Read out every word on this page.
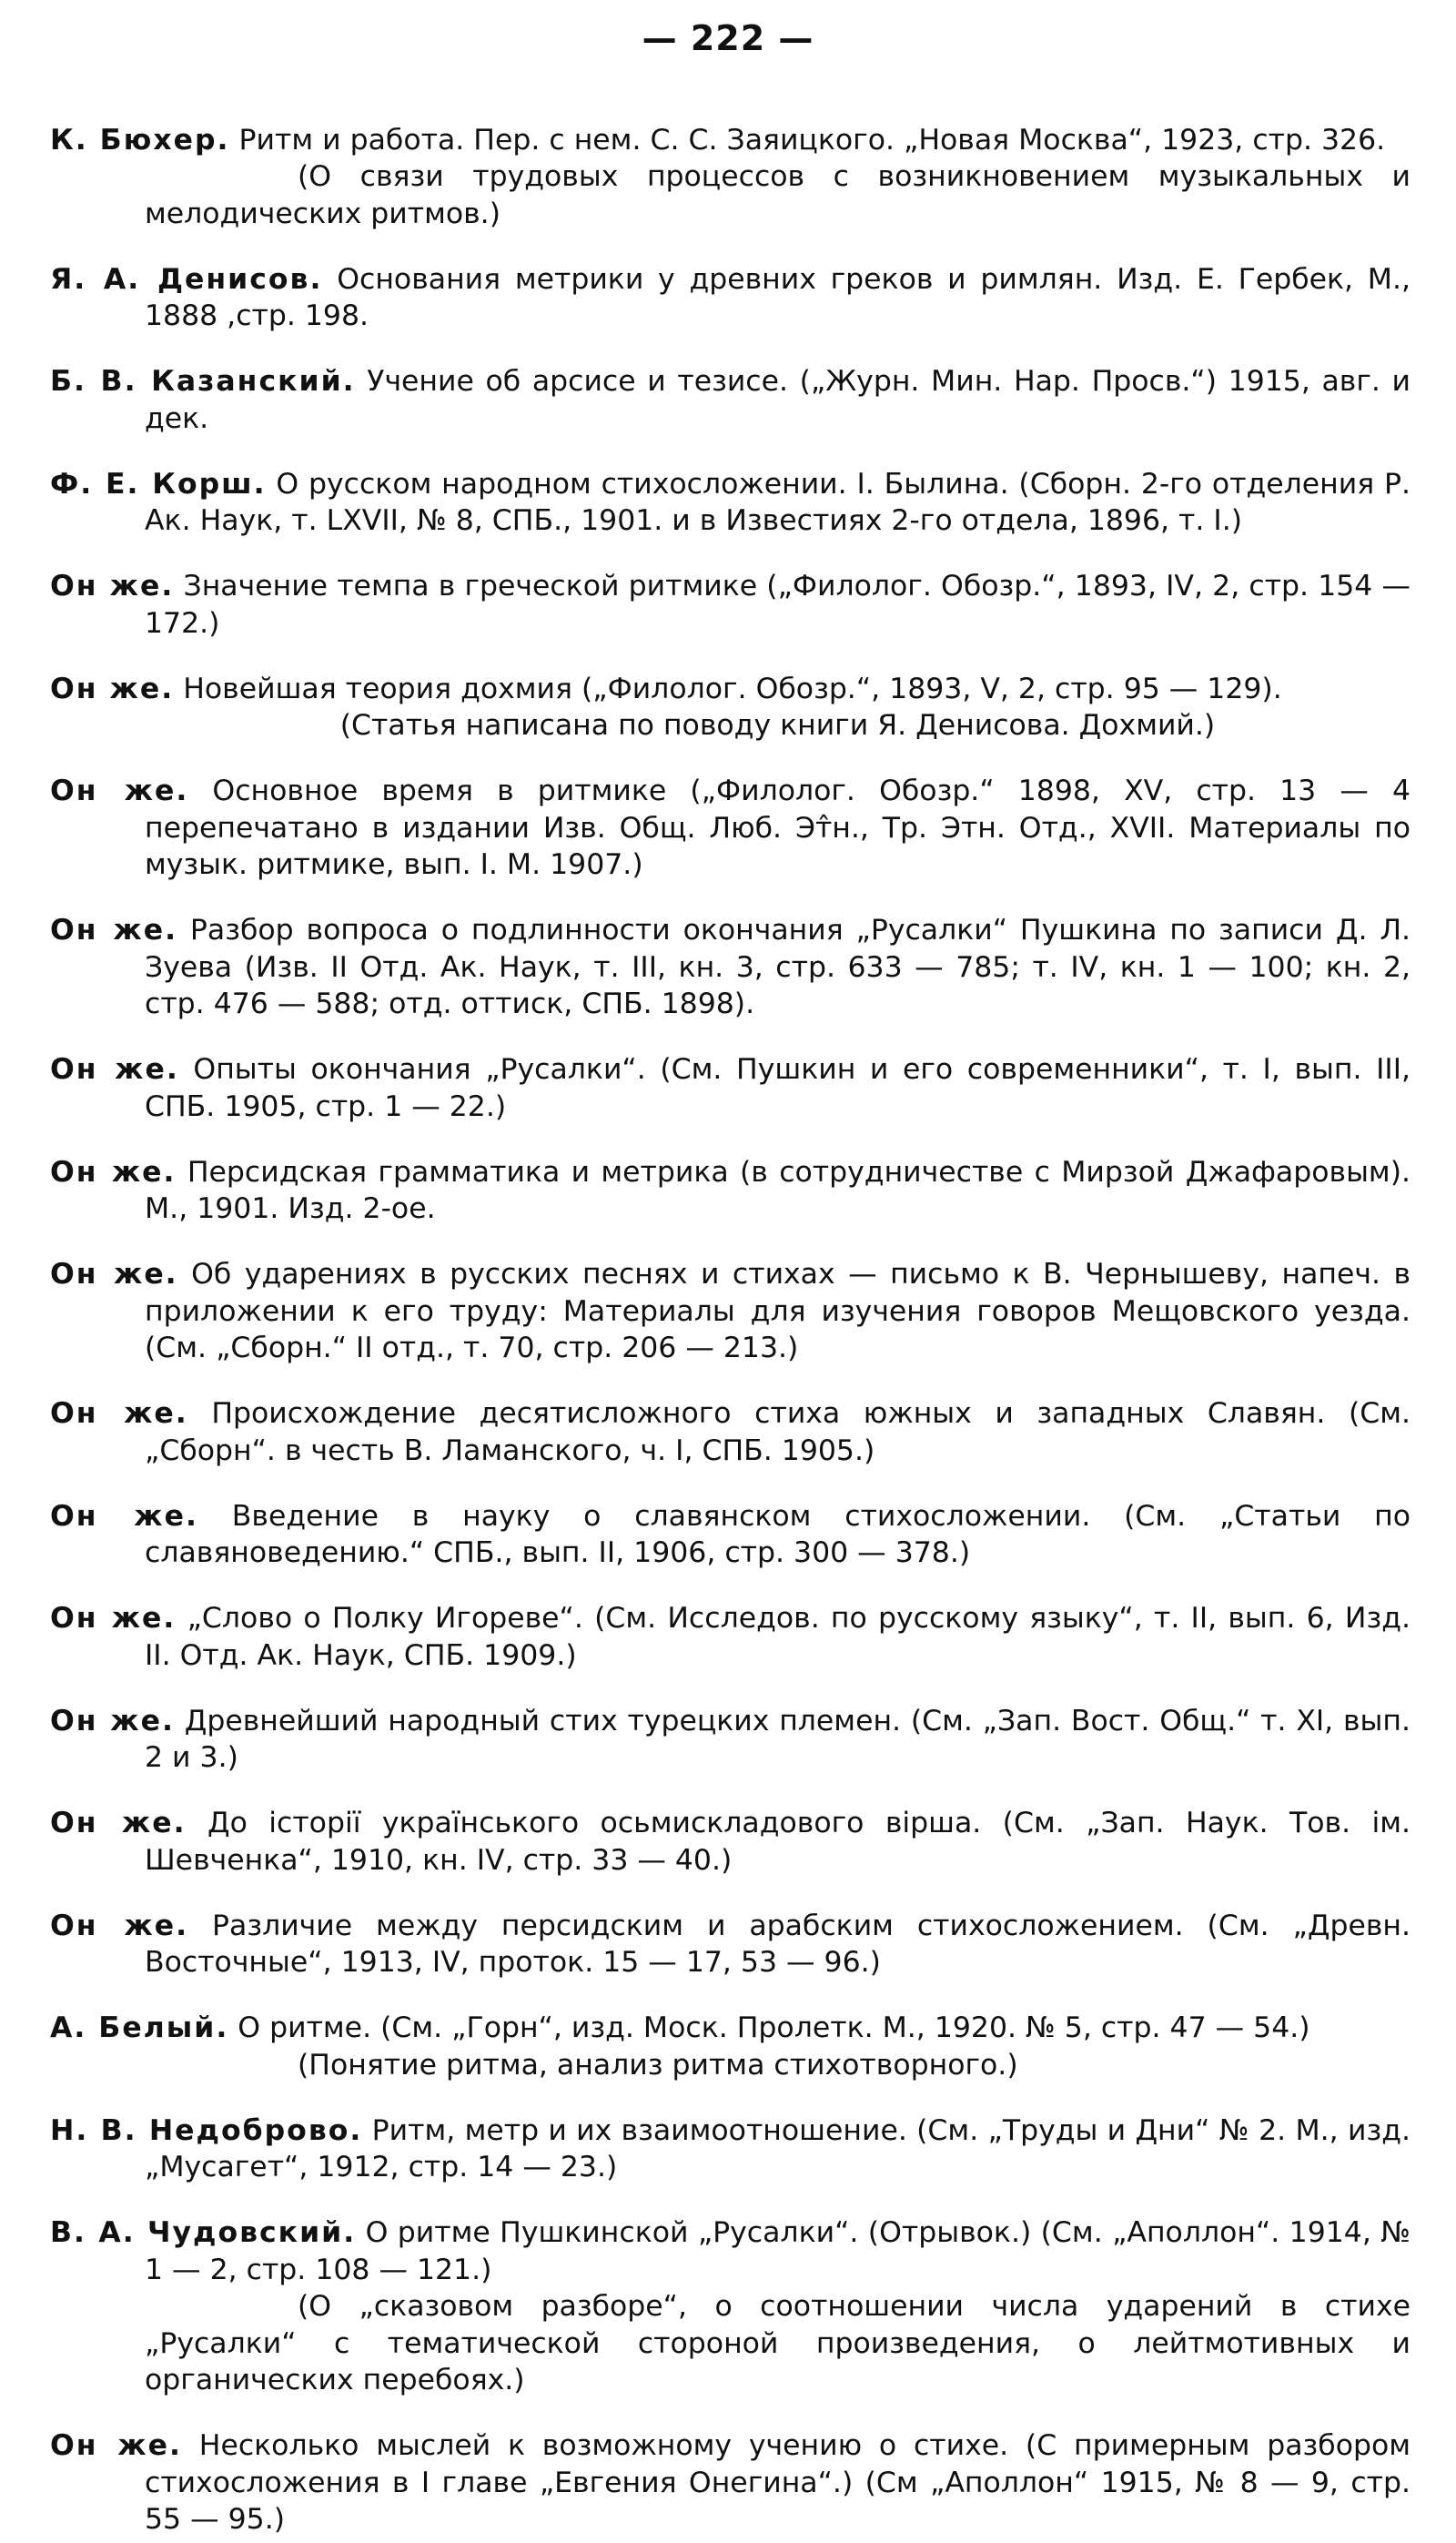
— 222 —

К. Бюхер. Ритм и работа. Пер. с нем. С. С. Заяицкого. „Новая Москва“, 1923, стр. 326.
(О связи трудовых процессов с возникновением музыкальных и мелодических ритмов.)

Я. А. Денисов. Основания метрики у древних греков и римлян. Изд. Е. Гербек, М., 1888 ,стр. 198.

Б. В. Казанский. Учение об арсисе и тезисе. („Журн. Мин. Нар. Просв.“) 1915, авг. и дек.

Ф. Е. Корш. О русском народном стихосложении. I. Былина. (Сборн. 2-го отделения Р. Ак. Наук, т. LXVII, № 8, СПБ., 1901. и в Известиях 2-го отдела, 1896, т. I.)

Он же. Значение темпа в греческой ритмике („Филолог. Обозр.“, 1893, IV, 2, стр. 154 — 172.)

Он же. Новейшая теория дохмия („Филолог. Обозр.“, 1893, V, 2, стр. 95 — 129).
(Статья написана по поводу книги Я. Денисова. Дохмий.)

Он же. Основное время в ритмике („Филолог. Обозр.“ 1898, XV, стр. 13 — 4 перепечатано в издании Изв. Общ. Люб. Эт̂н., Тр. Этн. Отд., XVII. Материалы по музык. ритмике, вып. I. М. 1907.)

Он же. Разбор вопроса о подлинности окончания „Русалки“ Пушкина по записи Д. Л. Зуева (Изв. II Отд. Ак. Наук, т. III, кн. 3, стр. 633 — 785; т. IV, кн. 1 — 100; кн. 2, стр. 476 — 588; отд. оттиск, СПБ. 1898).

Он же. Опыты окончания „Русалки“. (См. Пушкин и его современники“, т. I, вып. III, СПБ. 1905, стр. 1 — 22.)

Он же. Персидская грамматика и метрика (в сотрудничестве с Мирзой Джафаровым). М., 1901. Изд. 2-ое.

Он же. Об ударениях в русских песнях и стихах — письмо к В. Чернышеву, напеч. в приложении к его труду: Материалы для изучения говоров Мещовского уезда. (См. „Сборн.“ II отд., т. 70, стр. 206 — 213.)

Он же. Происхождение десятисложного стиха южных и западных Славян. (См. „Сборн“. в честь В. Ламанского, ч. I, СПБ. 1905.)

Он же. Введение в науку о славянском стихосложении. (См. „Статьи по славяноведению.“ СПБ., вып. II, 1906, стр. 300 — 378.)

Он же. „Слово о Полку Игореве“. (См. Исследов. по русскому языку“, т. II, вып. 6, Изд. II. Отд. Ак. Наук, СПБ. 1909.)

Он же. Древнейший народный стих турецких племен. (См. „Зап. Вост. Общ.“ т. XI, вып. 2 и 3.)

Он же. До історії українського осьмискладового вірша. (См. „Зап. Наук. Тов. ім. Шевченка“, 1910, кн. IV, стр. 33 — 40.)

Он же. Различие между персидским и арабским стихосложением. (См. „Древн. Восточные“, 1913, IV, проток. 15 — 17, 53 — 96.)

А. Белый. О ритме. (См. „Горн“, изд. Моск. Пролетк. М., 1920. № 5, стр. 47 — 54.)
(Понятие ритма, анализ ритма стихотворного.)

Н. В. Недоброво. Ритм, метр и их взаимоотношение. (См. „Труды и Дни“ № 2. М., изд. „Мусагет“, 1912, стр. 14 — 23.)

В. А. Чудовский. О ритме Пушкинской „Русалки“. (Отрывок.) (См. „Аполлон“. 1914, № 1 — 2, стр. 108 — 121.)
(О „сказовом разборе“, о соотношении числа ударений в стихе „Русалки“ с тематической стороной произведения, о лейтмотивных и органических перебоях.)

Он же. Несколько мыслей к возможному учению о стихе. (С примерным разбором стихосложения в I главе „Евгения Онегина“.) (См „Аполлон“ 1915, № 8 — 9, стр. 55 — 95.)
